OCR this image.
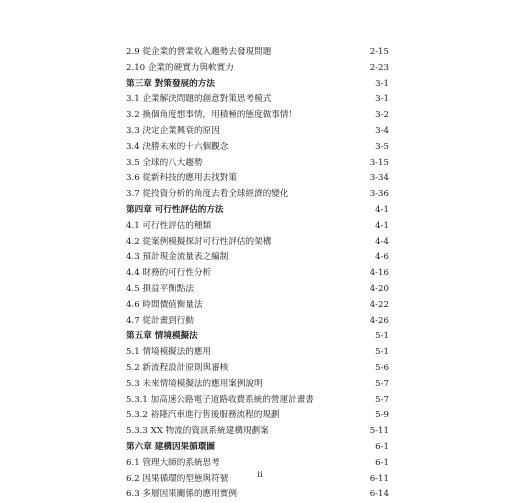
2.9 從企業的營業收入趨勢去發現問題	2-15
2.10 企業的硬實力與軟實力	2-23
第三章 對策發展的方法	3-1
3.1 企業解決問題的創意對策思考模式	3-1
3.2 換個角度想事情，用積極的態度做事情！	3-2
3.3 決定企業興衰的原因	3-4
3.4 決勝未來的十六個觀念	3-5
3.5 全球的八大趨勢	3-15
3.6 從新科技的應用去找對策	3-34
3.7 從投資分析的角度去看全球經濟的變化	3-36
第四章 可行性評估的方法	4-1
4.1 可行性評估的種類	4-1
4.2 從案例模擬探討可行性評估的架構	4-4
4.3 預計現金流量表之編制	4-6
4.4 財務的可行性分析	4-16
4.5 損益平衡點法	4-20
4.6 時間價值衡量法	4-22
4.7 從計畫到行動	4-26
第五章 情境模擬法	5-1
5.1 情境模擬法的應用	5-1
5.2 新流程設計原則與審核	5-6
5.3 未來情境模擬法的應用案例說明	5-7
5.3.1 加高速公路電子道路收費系統的營運計畫書	5-7
5.3.2 裕隆汽車進行售後服務流程的規劃	5-9
5.3.3 XX 物流的資訊系統建構規劃案	5-11
第六章 建構因果循環圖	6-1
6.1 管理大師的系統思考	6-1
6.2 因果循環的型態與符號	6-11
6.3 多層因果關係的應用實例	6-14
ii
